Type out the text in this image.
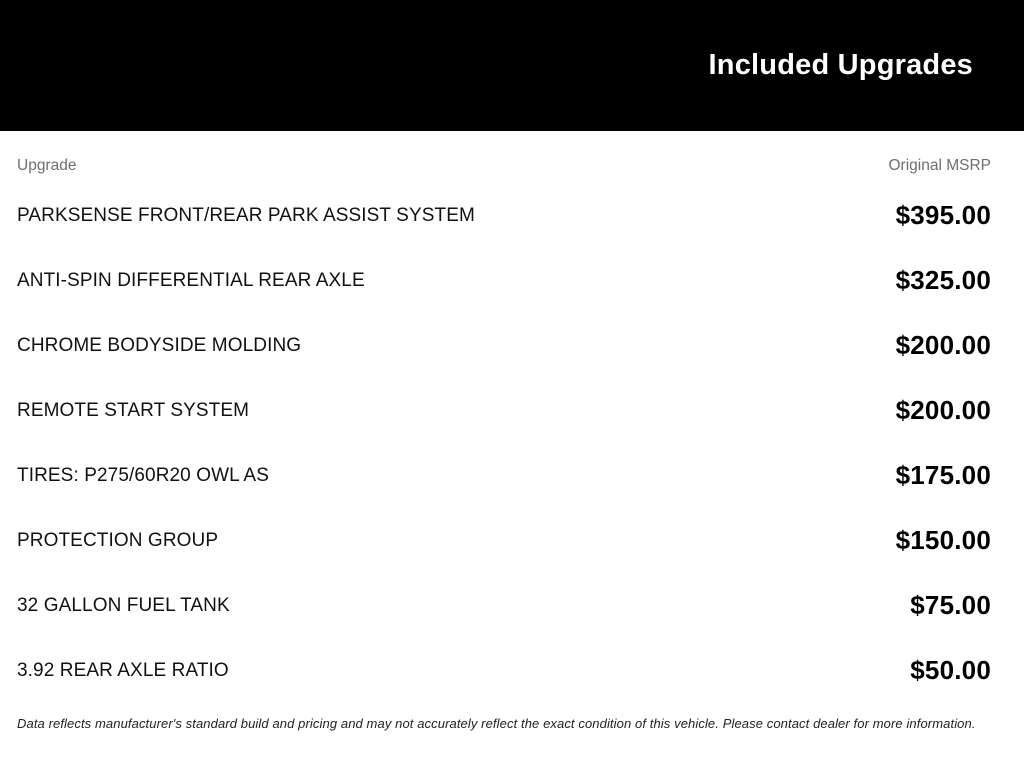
Included Upgrades
Upgrade	Original MSRP
PARKSENSE FRONT/REAR PARK ASSIST SYSTEM	$395.00
ANTI-SPIN DIFFERENTIAL REAR AXLE	$325.00
CHROME BODYSIDE MOLDING	$200.00
REMOTE START SYSTEM	$200.00
TIRES: P275/60R20 OWL AS	$175.00
PROTECTION GROUP	$150.00
32 GALLON FUEL TANK	$75.00
3.92 REAR AXLE RATIO	$50.00
Data reflects manufacturer's standard build and pricing and may not accurately reflect the exact condition of this vehicle. Please contact dealer for more information.
